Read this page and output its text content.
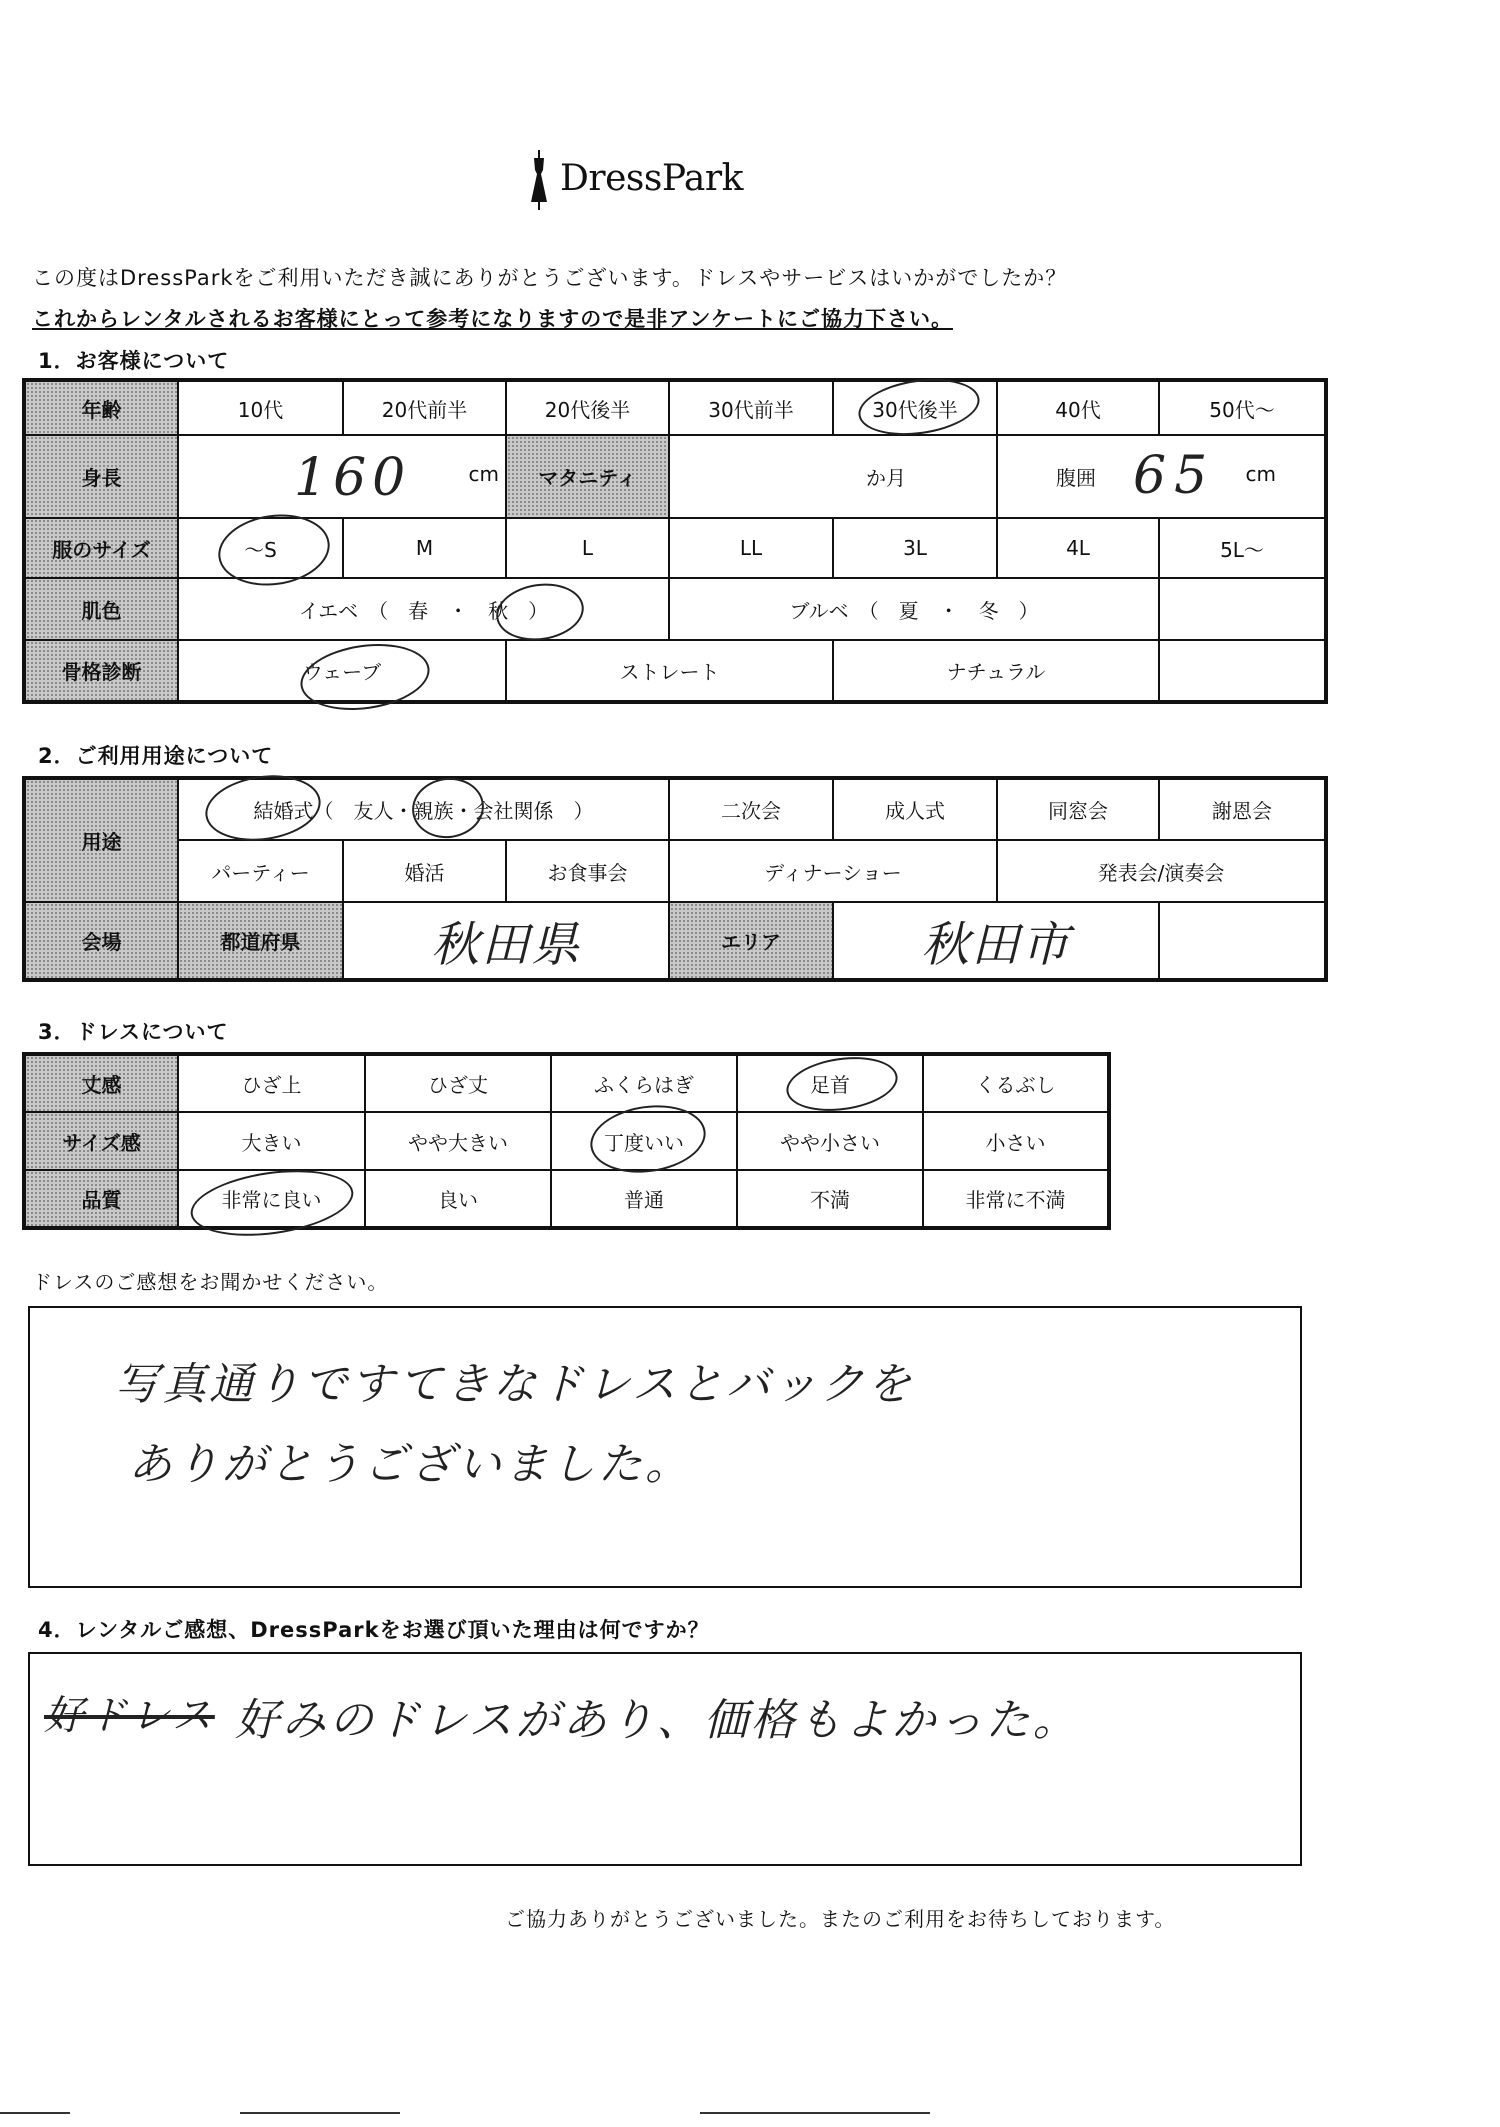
DressPark
この度はDressParkをご利用いただき誠にありがとうございます。ドレスやサービスはいかがでしたか？
これからレンタルされるお客様にとって参考になりますので是非アンケートにご協力下さい。
1．お客様について
年齢	10代	20代前半	20代後半	30代前半	30代後半	40代	50代～
身長	160 cm		マタニティ	か月		腹囲 65 cm	

服のサイズ	～S	M	L	LL	3L	4L	5L～
肌色	イエベ　（　春　・　秋　）			ブルベ　（　夏　・　冬　）			
骨格診断	ウェーブ		ストレート		ナチュラル		
2．ご利用用途について
用途	結婚式（　友人・親族・会社関係　）			二次会	成人式	同窓会	謝恩会
	パーティー	婚活	お食事会	ディナーショー		発表会/演奏会	
会場	都道府県	秋田県		エリア	秋田市		
3．ドレスについて
丈感	ひざ上	ひざ丈	ふくらはぎ	足首	くるぶし
サイズ感	大きい	やや大きい	丁度いい	やや小さい	小さい
品質	非常に良い	良い	普通	不満	非常に不満
ドレスのご感想をお聞かせください。
写真通りですてきなドレスとバックを
ありがとうございました。
4．レンタルご感想、DressParkをお選び頂いた理由は何ですか？
好ドレス 好みのドレスがあり、価格もよかった。
ご協力ありがとうございました。またのご利用をお待ちしております。
